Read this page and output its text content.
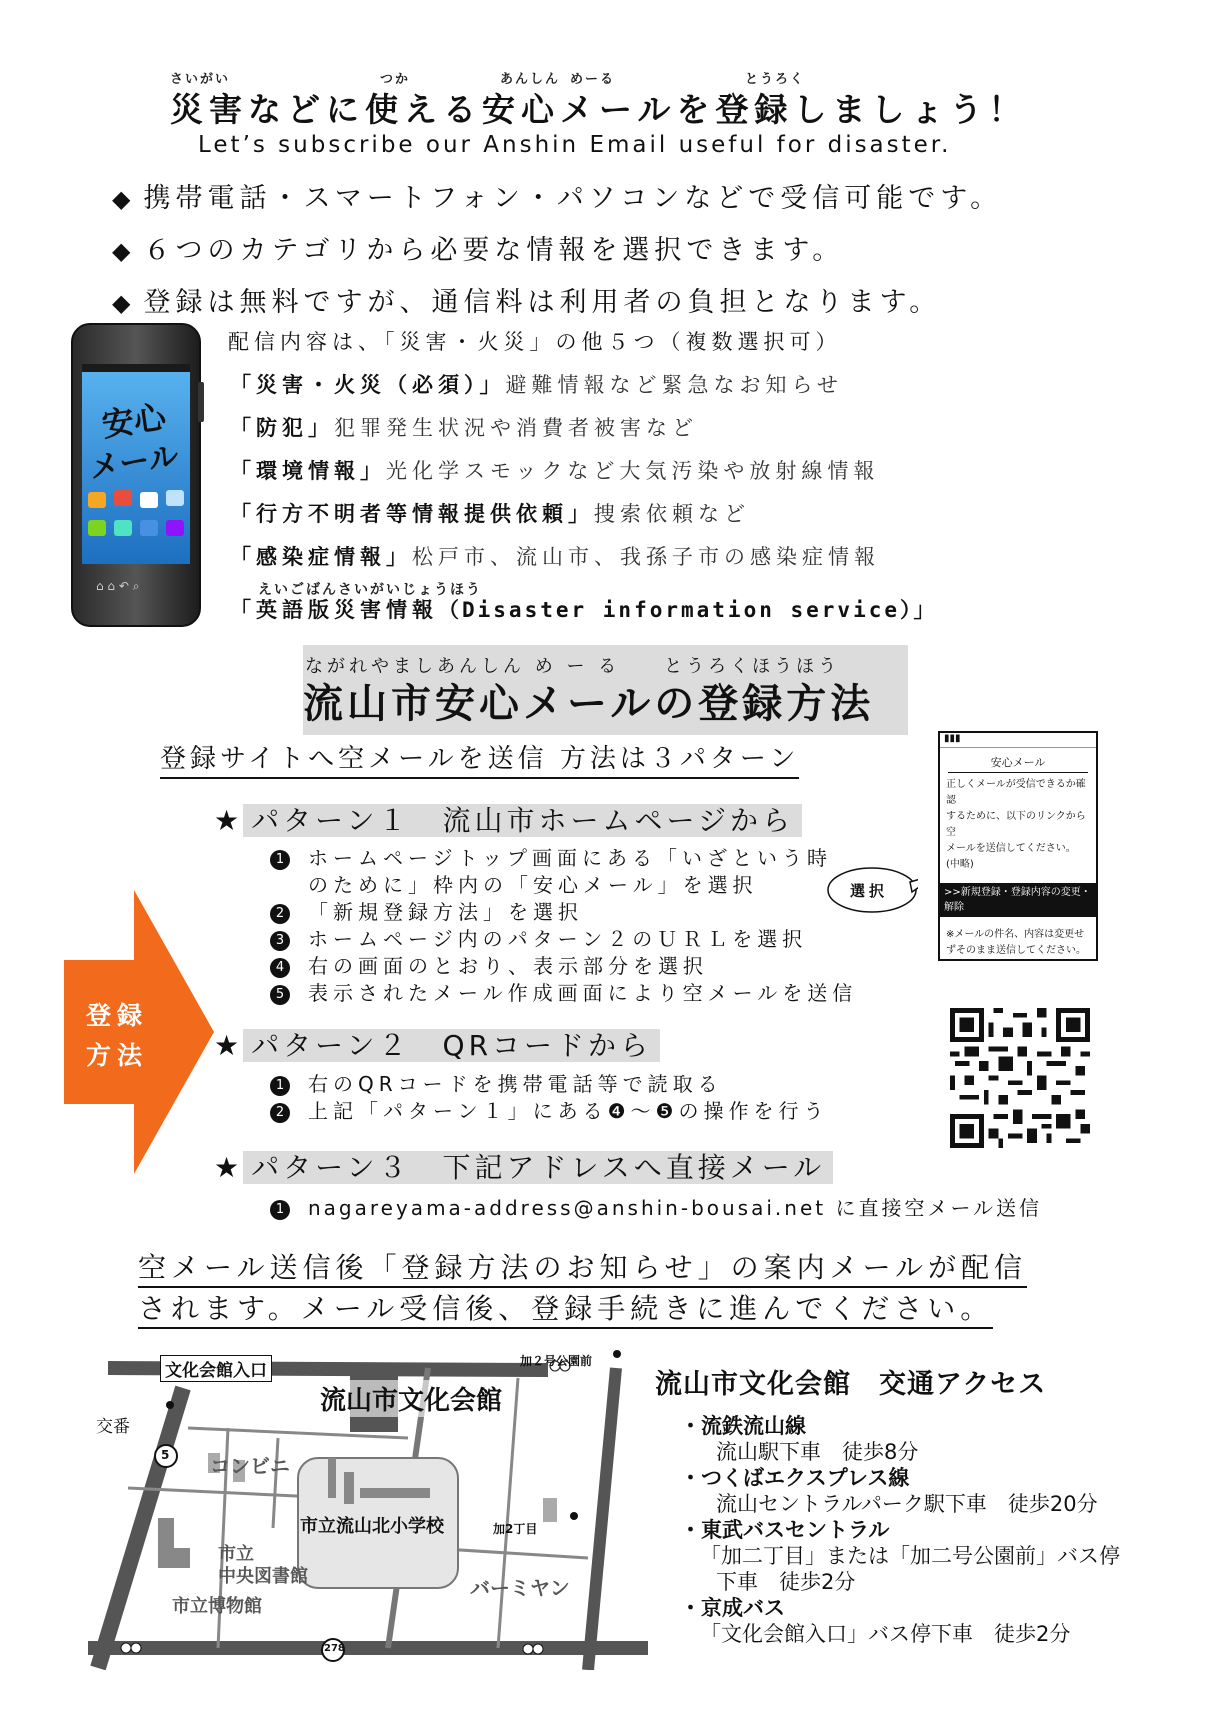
さいがい	つか	あんしん めーる	とうろく
災害などに使える安心メールを登録しましょう！
Let’s subscribe our Anshin Email useful for disaster.
◆ 携帯電話・スマートフォン・パソコンなどで受信可能です。
◆ ６つのカテゴリから必要な情報を選択できます。
◆ 登録は無料ですが、通信料は利用者の負担となります。
安心
メール
⌂ ⌂ ↶ ⌕
配信内容は、「災害・火災」の他５つ（複数選択可）
「災害・火災（必須）」避難情報など緊急なお知らせ
「防犯」犯罪発生状況や消費者被害など
「環境情報」光化学スモックなど大気汚染や放射線情報
「行方不明者等情報提供依頼」捜索依頼など
「感染症情報」松戸市、流山市、我孫子市の感染症情報
えいごばんさいがいじょうほう
「英語版災害情報（Disaster information service）」
ながれやましあんしん め ー る　　とうろくほうほう
流山市安心メールの登録方法
登録サイトへ空メールを送信 方法は３パターン
登録
方法
★ パターン１　流山市ホームページから
1 ホームページトップ画面にある「いざという時
のために」枠内の「安心メール」を選択
2 「新規登録方法」を選択
3 ホームページ内のパターン２のＵＲＬを選択
4 右の画面のとおり、表示部分を選択
5 表示されたメール作成画面により空メールを送信
選択
▮▮▮
安心メール
正しくメールが受信できるか確認
するために、以下のリンクから空
メールを送信してください。
(中略)
>>新規登録・登録内容の変更・
解除
※メールの件名、内容は変更せ
ずそのまま送信してください。
★ パターン２　QRコードから
1 右のQRコードを携帯電話等で読取る
2 上記「パターン１」にある❹～❺の操作を行う
★ パターン３　下記アドレスへ直接メール
1 nagareyama-address@anshin-bousai.net に直接空メール送信
空メール送信後「登録方法のお知らせ」の案内メールが配信
されます。メール受信後、登録手続きに進んでください。
文化会館入口	加２号公園前
流山市文化会館
交番
コンビニ
5
市立流山北小学校	加2丁目
市立
中央図書館
市立博物館
バーミヤン
278
流山市文化会館　交通アクセス
・流鉄流山線
流山駅下車　徒歩8分
・つくばエクスプレス線
流山セントラルパーク駅下車　徒歩20分
・東武バスセントラル
「加二丁目」または「加二号公園前」バス停
下車　徒歩2分
・京成バス
「文化会館入口」バス停下車　徒歩2分
